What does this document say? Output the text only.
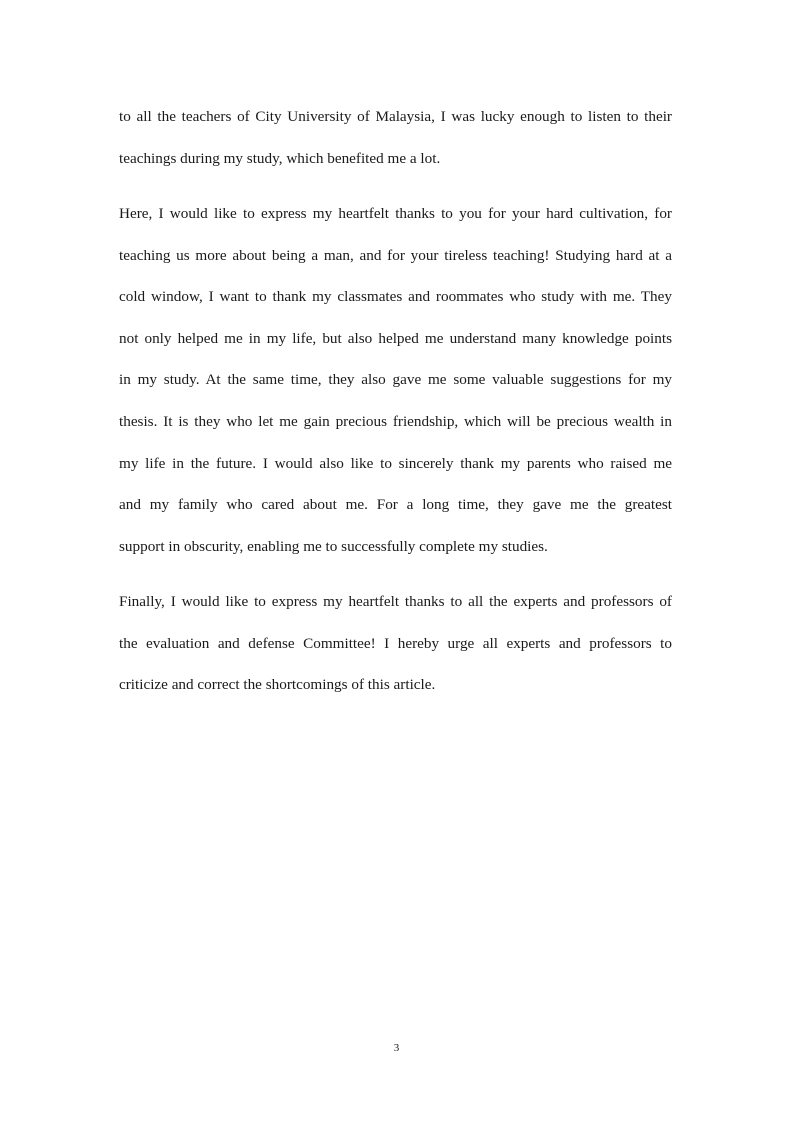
to all the teachers of City University of Malaysia, I was lucky enough to listen to their

teachings during my study, which benefited me a lot.

Here, I would like to express my heartfelt thanks to you for your hard cultivation, for

teaching us more about being a man, and for your tireless teaching! Studying hard at a

cold window, I want to thank my classmates and roommates who study with me. They

not only helped me in my life, but also helped me understand many knowledge points

in my study. At the same time, they also gave me some valuable suggestions for my

thesis. It is they who let me gain precious friendship, which will be precious wealth in

my life in the future. I would also like to sincerely thank my parents who raised me

and my family who cared about me. For a long time, they gave me the greatest

support in obscurity, enabling me to successfully complete my studies.

Finally, I would like to express my heartfelt thanks to all the experts and professors of

the evaluation and defense Committee! I hereby urge all experts and professors to

criticize and correct the shortcomings of this article.

3
